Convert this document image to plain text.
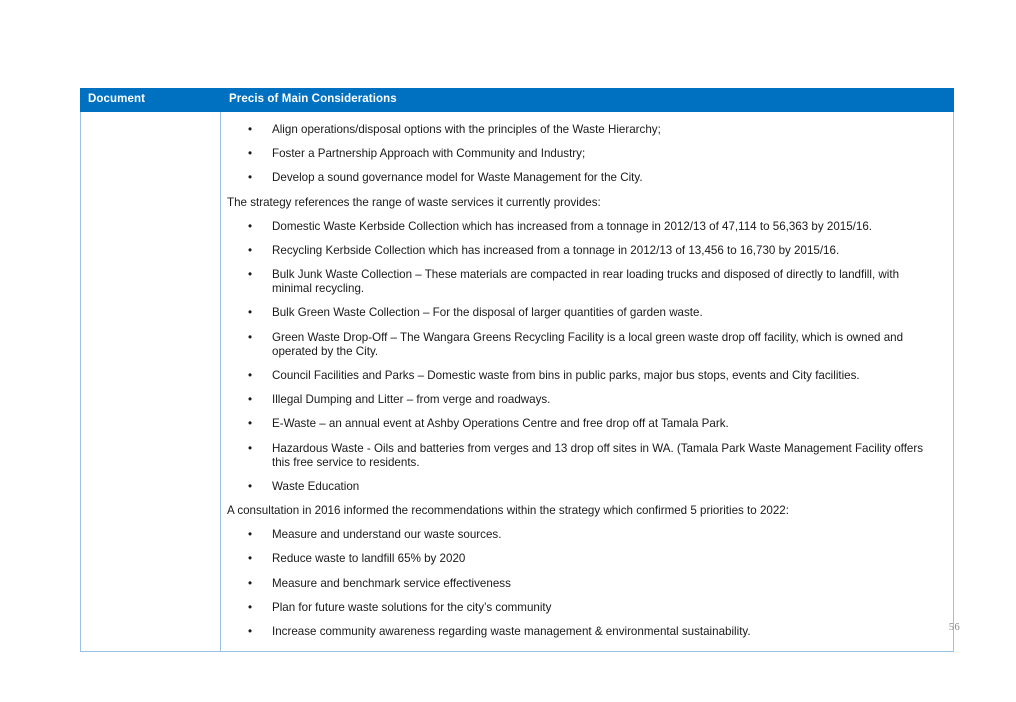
Document	Precis of Main Considerations

• Align operations/disposal options with the principles of the Waste Hierarchy;
• Foster a Partnership Approach with Community and Industry;
• Develop a sound governance model for Waste Management for the City.

The strategy references the range of waste services it currently provides:

• Domestic Waste Kerbside Collection which has increased from a tonnage in 2012/13 of 47,114 to 56,363 by 2015/16.
• Recycling Kerbside Collection which has increased from a tonnage in 2012/13 of 13,456 to 16,730 by 2015/16.
• Bulk Junk Waste Collection – These materials are compacted in rear loading trucks and disposed of directly to landfill, with minimal recycling.
• Bulk Green Waste Collection – For the disposal of larger quantities of garden waste.
• Green Waste Drop-Off – The Wangara Greens Recycling Facility is a local green waste drop off facility, which is owned and operated by the City.
• Council Facilities and Parks – Domestic waste from bins in public parks, major bus stops, events and City facilities.
• Illegal Dumping and Litter – from verge and roadways.
• E-Waste – an annual event at Ashby Operations Centre and free drop off at Tamala Park.
• Hazardous Waste - Oils and batteries from verges and 13 drop off sites in WA. (Tamala Park Waste Management Facility offers this free service to residents.
• Waste Education

A consultation in 2016 informed the recommendations within the strategy which confirmed 5 priorities to 2022:

• Measure and understand our waste sources.
• Reduce waste to landfill 65% by 2020
• Measure and benchmark service effectiveness
• Plan for future waste solutions for the city’s community
• Increase community awareness regarding waste management & environmental sustainability.	56
